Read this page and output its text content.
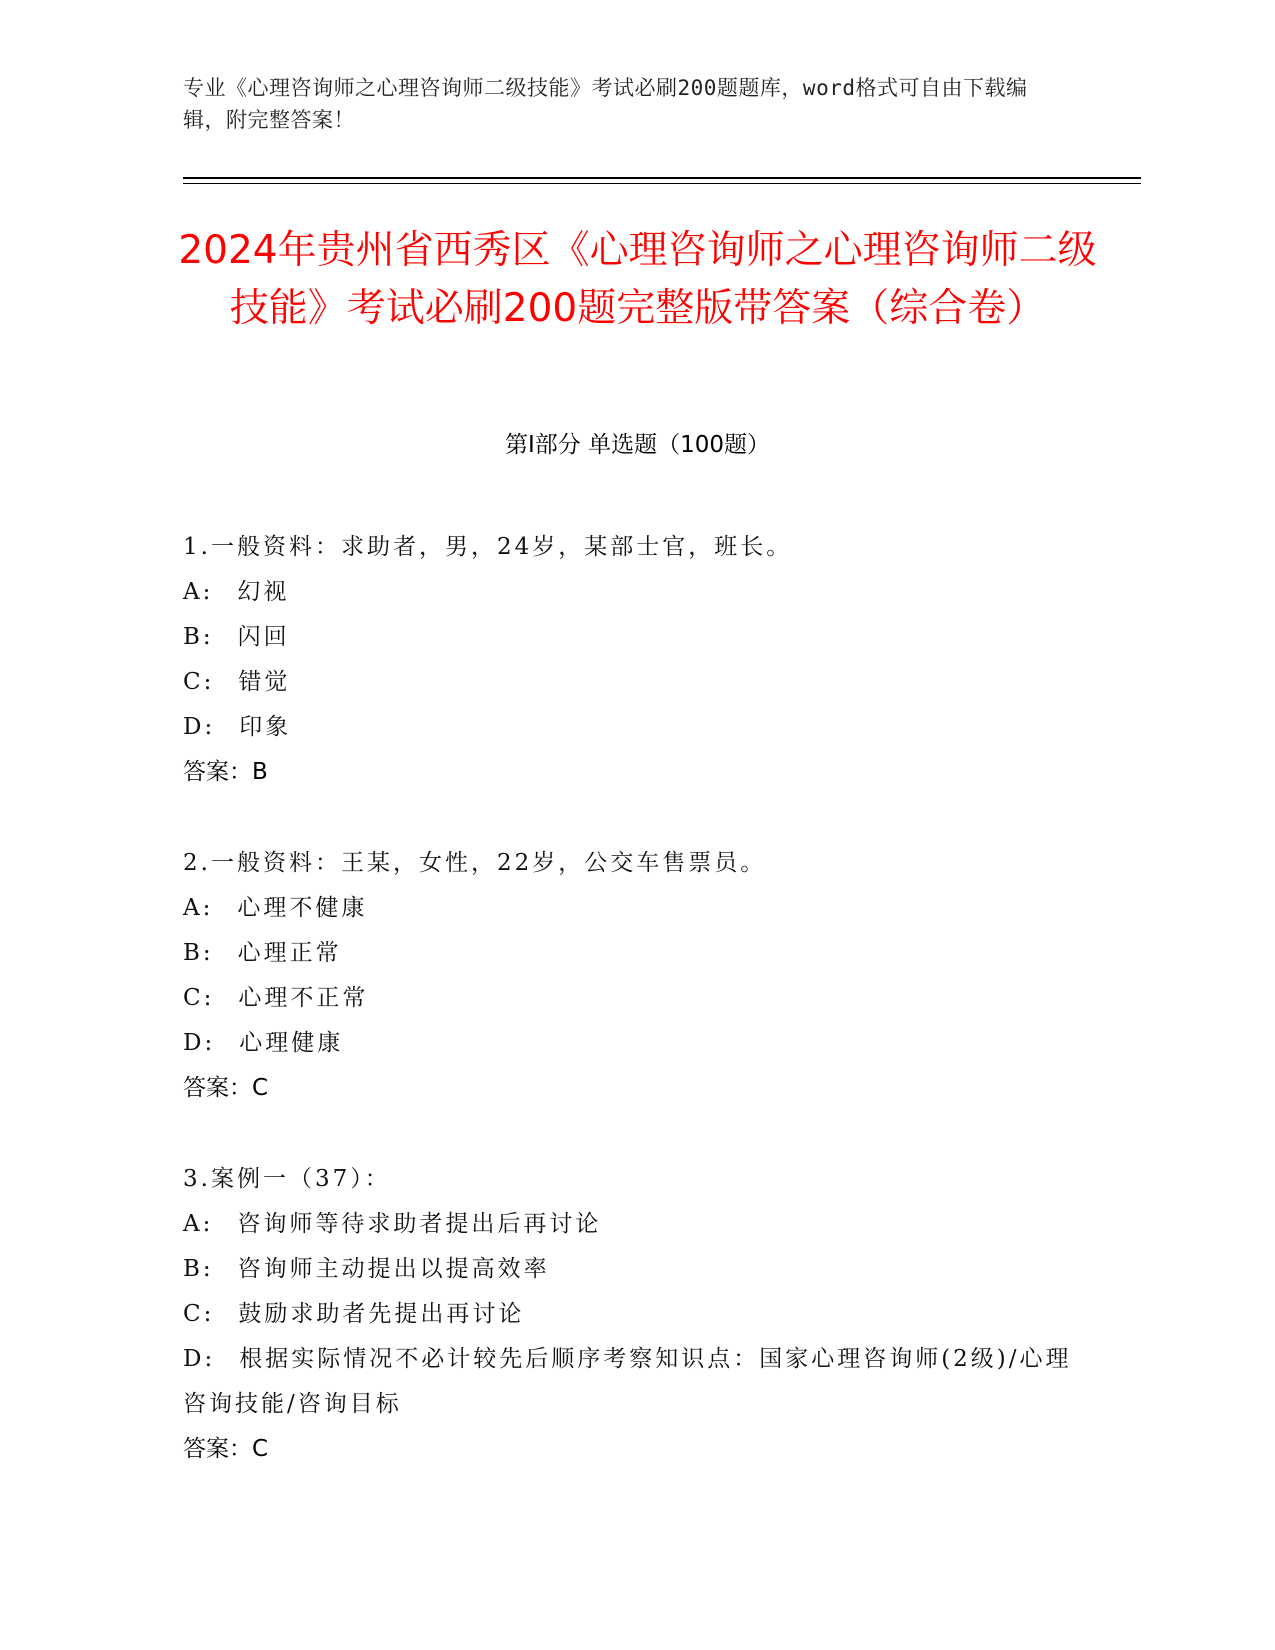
专业《心理咨询师之心理咨询师二级技能》考试必刷200题题库，word格式可自由下载编辑，附完整答案！
2024年贵州省西秀区《心理咨询师之心理咨询师二级技能》考试必刷200题完整版带答案（综合卷）
第I部分 单选题（100题）

1.一般资料：求助者，男，24岁，某部士官，班长。

A: 幻视

B: 闪回

C: 错觉

D: 印象

答案：B

2.一般资料：王某，女性，22岁，公交车售票员。

A: 心理不健康

B: 心理正常

C: 心理不正常

D: 心理健康

答案：C

3.案例一（37）：

A: 咨询师等待求助者提出后再讨论

B: 咨询师主动提出以提高效率

C: 鼓励求助者先提出再讨论

D: 根据实际情况不必计较先后顺序考察知识点：国家心理咨询师(2级)/心理咨询技能/咨询目标

答案：C
